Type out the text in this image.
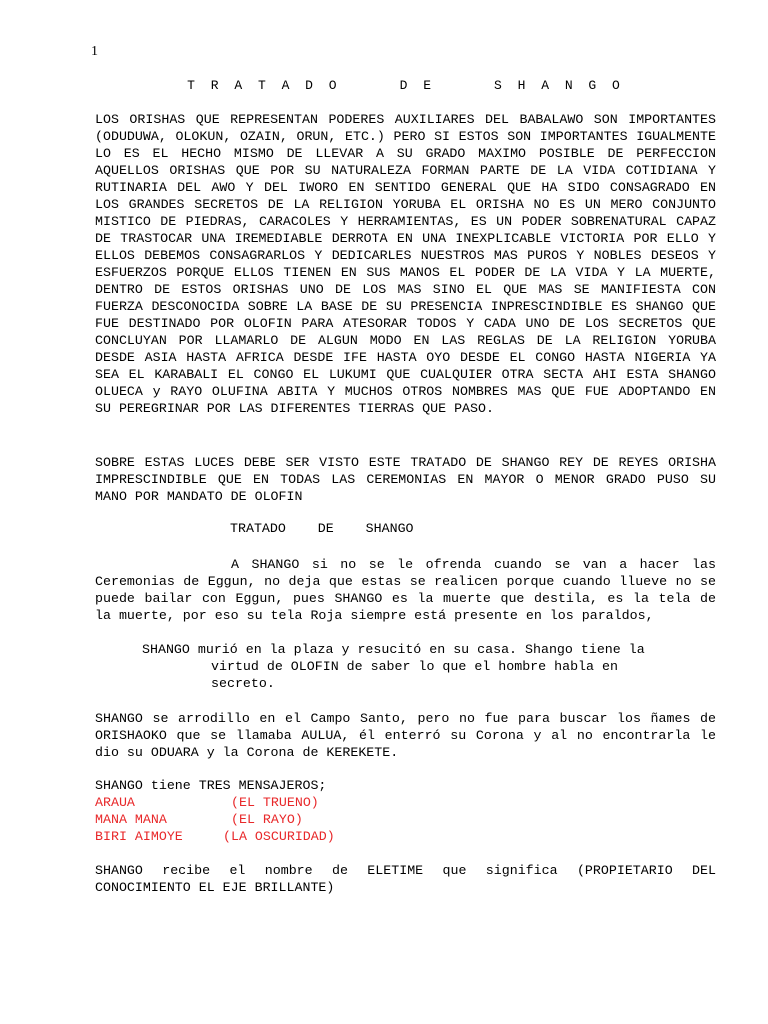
1
T R A T A D O     D E     S H A N G O
LOS ORISHAS QUE REPRESENTAN PODERES AUXILIARES DEL BABALAWO SON IMPORTANTES (ODUDUWA, OLOKUN, OZAIN, ORUN, ETC.) PERO SI ESTOS SON IMPORTANTES IGUALMENTE LO ES EL HECHO MISMO DE LLEVAR A SU GRADO MAXIMO POSIBLE DE PERFECCION AQUELLOS ORISHAS QUE POR SU NATURALEZA FORMAN PARTE DE LA VIDA COTIDIANA Y RUTINARIA DEL AWO Y DEL IWORO EN SENTIDO GENERAL QUE HA SIDO CONSAGRADO EN LOS GRANDES SECRETOS DE LA RELIGION YORUBA EL ORISHA NO ES UN MERO CONJUNTO MISTICO DE PIEDRAS, CARACOLES Y HERRAMIENTAS, ES UN PODER SOBRENATURAL CAPAZ DE TRASTOCAR UNA IREMEDIABLE DERROTA EN UNA INEXPLICABLE VICTORIA POR ELLO Y ELLOS DEBEMOS CONSAGRARLOS Y DEDICARLES NUESTROS MAS PUROS Y NOBLES DESEOS Y ESFUERZOS PORQUE ELLOS TIENEN EN SUS MANOS EL PODER DE LA VIDA Y LA MUERTE, DENTRO DE ESTOS ORISHAS UNO DE LOS MAS SINO EL QUE MAS SE MANIFIESTA CON FUERZA DESCONOCIDA SOBRE LA BASE DE SU PRESENCIA INPRESCINDIBLE ES SHANGO QUE FUE DESTINADO POR OLOFIN PARA ATESORAR TODOS Y CADA UNO DE LOS SECRETOS QUE CONCLUYAN POR LLAMARLO DE ALGUN MODO EN LAS REGLAS DE LA RELIGION YORUBA DESDE ASIA HASTA AFRICA DESDE IFE HASTA OYO DESDE EL CONGO HASTA NIGERIA YA SEA EL KARABALI EL CONGO EL LUKUMI QUE CUALQUIER OTRA SECTA AHI ESTA SHANGO OLUECA y RAYO OLUFINA ABITA Y MUCHOS OTROS NOMBRES MAS QUE FUE ADOPTANDO EN SU PEREGRINAR POR LAS DIFERENTES TIERRAS QUE PASO.
SOBRE ESTAS LUCES DEBE SER VISTO ESTE TRATADO DE SHANGO REY DE REYES ORISHA IMPRESCINDIBLE QUE EN TODAS LAS CEREMONIAS EN MAYOR O MENOR GRADO PUSO SU MANO POR MANDATO DE OLOFIN
TRATADO    DE    SHANGO
A SHANGO si no se le ofrenda cuando se van a hacer las Ceremonias de Eggun, no deja que estas se realicen porque cuando llueve no se puede bailar con Eggun, pues SHANGO es la muerte que destila, es la tela de la muerte, por eso su tela Roja siempre está presente en los paraldos,
SHANGO murió en la plaza y resucitó en su casa. Shango tiene la
virtud de OLOFIN de saber lo que el hombre habla en
secreto.
SHANGO se arrodillo en el Campo Santo, pero no fue para buscar los ñames de ORISHAOKO que se llamaba AULUA, él enterró su Corona y al no encontrarla le dio su ODUARA y la Corona de KEREKETE.
SHANGO tiene TRES MENSAJEROS;
ARAUA	(EL TRUENO)
MANA MANA	(EL RAYO)
BIRI AIMOYE	(LA OSCURIDAD)
SHANGO recibe el nombre de ELETIME que significa (PROPIETARIO DEL CONOCIMIENTO EL EJE BRILLANTE)
